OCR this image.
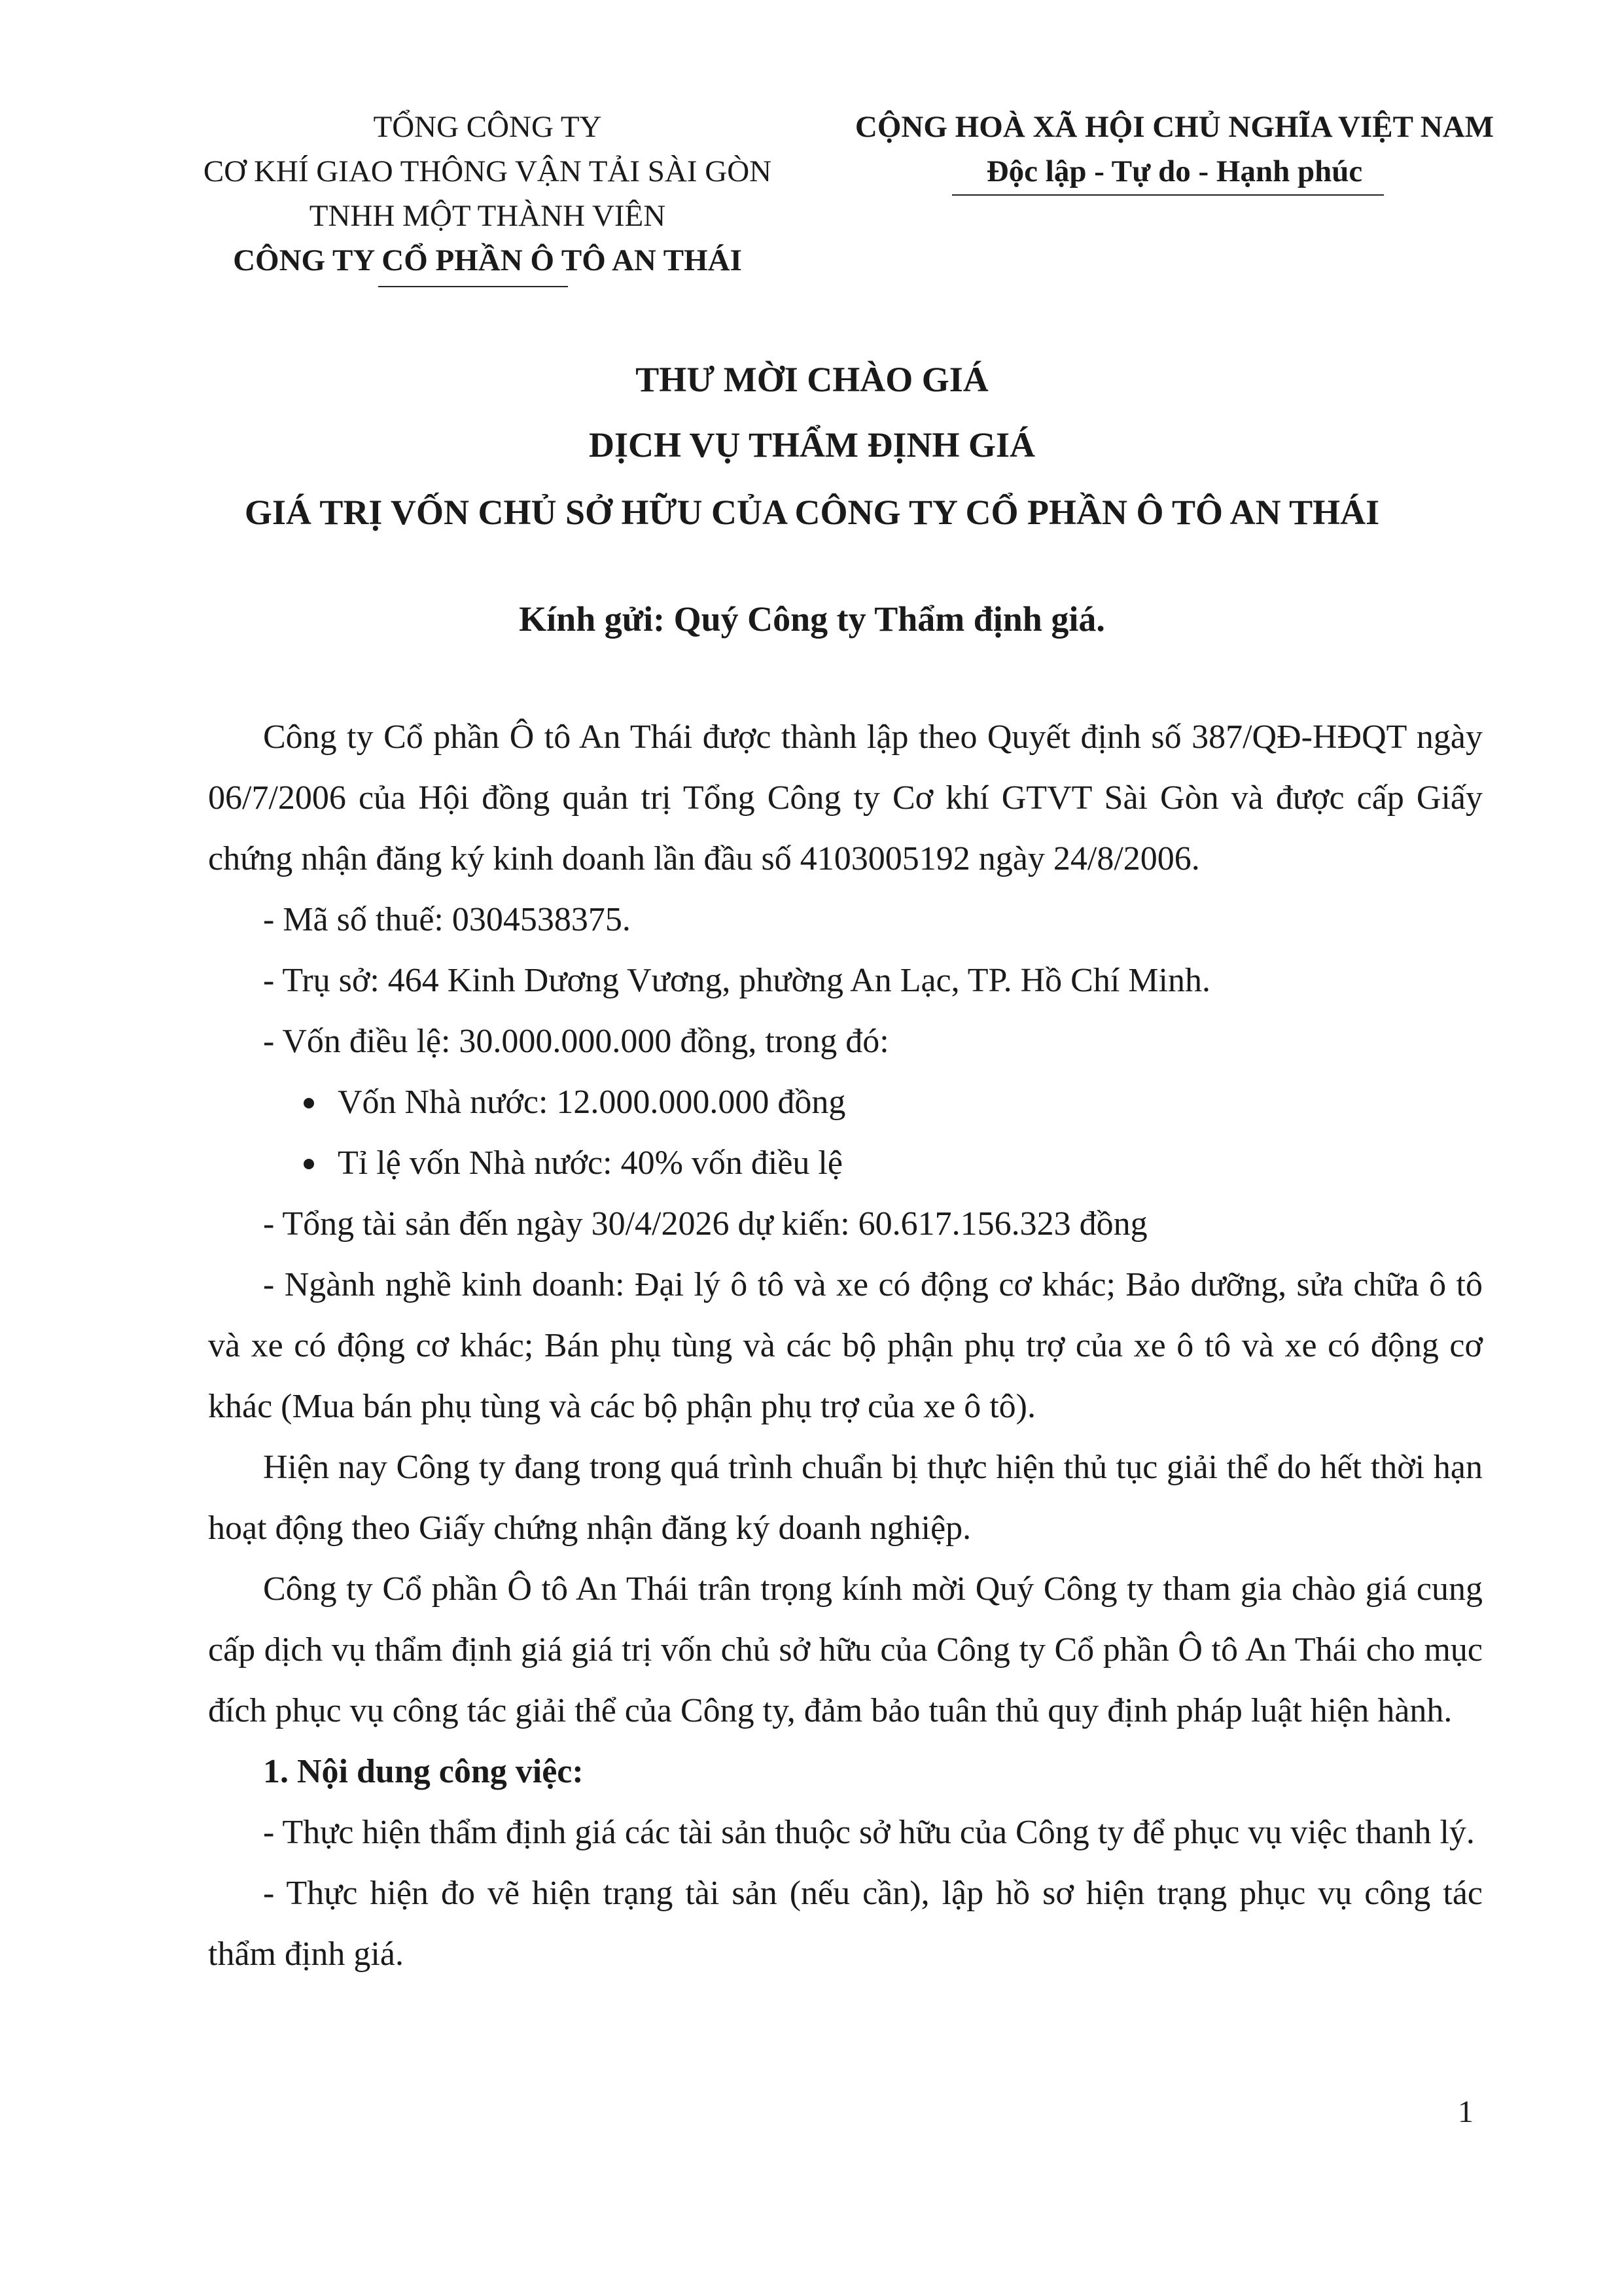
TỔNG CÔNG TY
CƠ KHÍ GIAO THÔNG VẬN TẢI SÀI GÒN
TNHH MỘT THÀNH VIÊN
CÔNG TY CỔ PHẦN Ô TÔ AN THÁI
CỘNG HOÀ XÃ HỘI CHỦ NGHĨA VIỆT NAM
Độc lập - Tự do - Hạnh phúc
THƯ MỜI CHÀO GIÁ
DỊCH VỤ THẨM ĐỊNH GIÁ
GIÁ TRỊ VỐN CHỦ SỞ HỮU CỦA CÔNG TY CỔ PHẦN Ô TÔ AN THÁI
Kính gửi: Quý Công ty Thẩm định giá.

Công ty Cổ phần Ô tô An Thái được thành lập theo Quyết định số 387/QĐ-HĐQT ngày 06/7/2006 của Hội đồng quản trị Tổng Công ty Cơ khí GTVT Sài Gòn và được cấp Giấy chứng nhận đăng ký kinh doanh lần đầu số 4103005192 ngày 24/8/2006.

- Mã số thuế: 0304538375.

- Trụ sở: 464 Kinh Dương Vương, phường An Lạc, TP. Hồ Chí Minh.

- Vốn điều lệ: 30.000.000.000 đồng, trong đó:

Vốn Nhà nước: 12.000.000.000 đồng

Tỉ lệ vốn Nhà nước: 40% vốn điều lệ

- Tổng tài sản đến ngày 30/4/2026 dự kiến: 60.617.156.323 đồng

- Ngành nghề kinh doanh: Đại lý ô tô và xe có động cơ khác; Bảo dưỡng, sửa chữa ô tô và xe có động cơ khác; Bán phụ tùng và các bộ phận phụ trợ của xe ô tô và xe có động cơ khác (Mua bán phụ tùng và các bộ phận phụ trợ của xe ô tô).

Hiện nay Công ty đang trong quá trình chuẩn bị thực hiện thủ tục giải thể do hết thời hạn hoạt động theo Giấy chứng nhận đăng ký doanh nghiệp.

Công ty Cổ phần Ô tô An Thái trân trọng kính mời Quý Công ty tham gia chào giá cung cấp dịch vụ thẩm định giá giá trị vốn chủ sở hữu của Công ty Cổ phần Ô tô An Thái cho mục đích phục vụ công tác giải thể của Công ty, đảm bảo tuân thủ quy định pháp luật hiện hành.

1. Nội dung công việc:

- Thực hiện thẩm định giá các tài sản thuộc sở hữu của Công ty để phục vụ việc thanh lý.

- Thực hiện đo vẽ hiện trạng tài sản (nếu cần), lập hồ sơ hiện trạng phục vụ công tác thẩm định giá.

1
